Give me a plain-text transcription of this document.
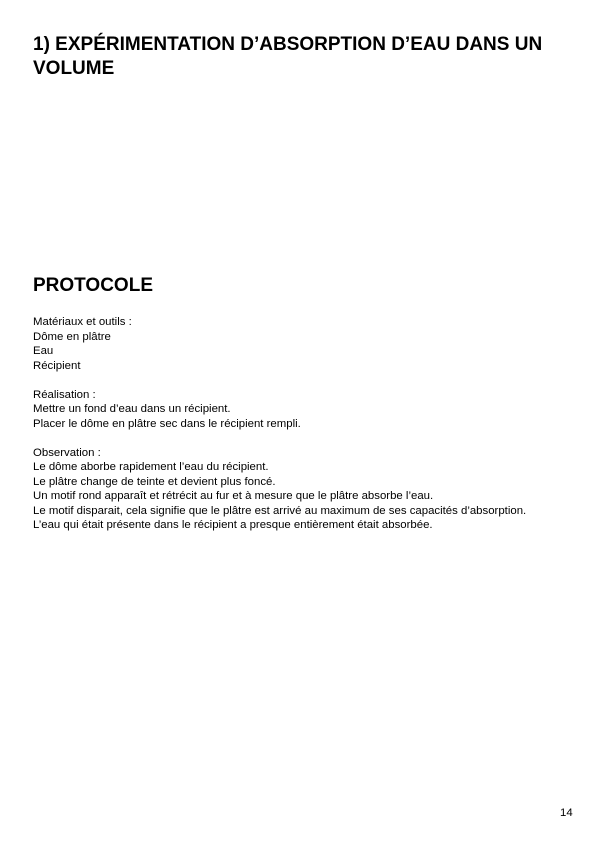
1) EXPÉRIMENTATION D’ABSORPTION D’EAU DANS UN VOLUME
PROTOCOLE
Matériaux et outils :
Dôme en plâtre
Eau
Récipient
Réalisation :
Mettre un fond d’eau dans un récipient.
Placer le dôme en plâtre sec dans le récipient rempli.
Observation :
Le dôme aborbe rapidement l’eau du récipient.
Le plâtre change de teinte et devient plus foncé.
Un motif rond apparaît et rétrécit au fur et à mesure que le plâtre absorbe l’eau.
Le motif disparait, cela signifie que le plâtre est arrivé au maximum de ses capacités d’absorption.
L’eau qui était présente dans le récipient a presque entièrement était absorbée.
14
